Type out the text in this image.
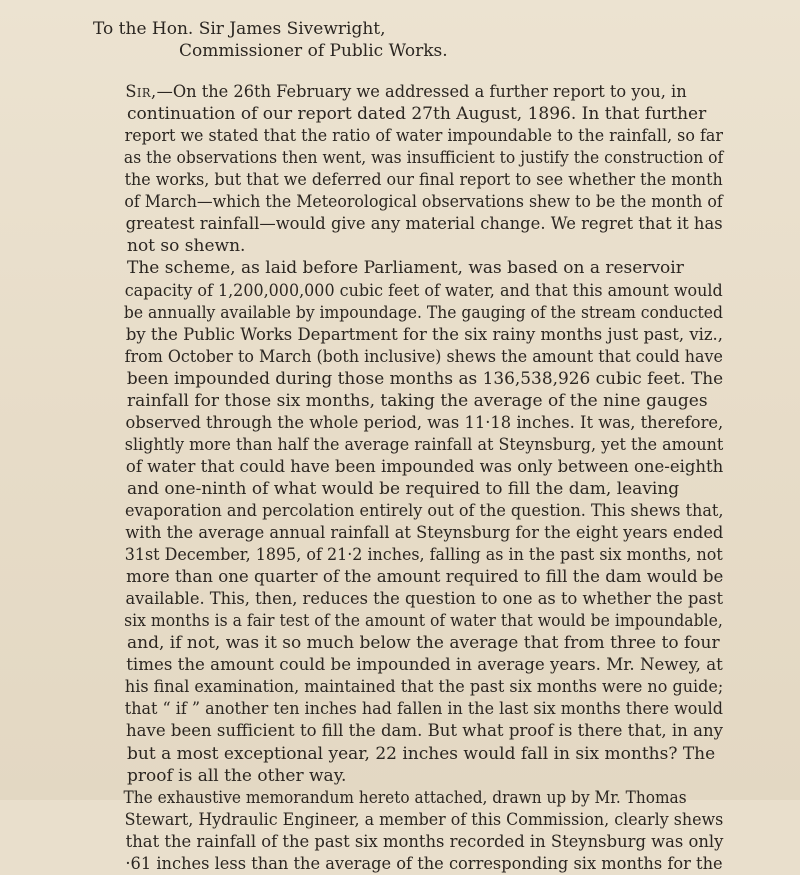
To the Hon. Sir James Sivewright,
Commissioner of Public Works.
Sir,—On the 26th February we addressed a further report to you, in
continuation of our report dated 27th August, 1896. In that further
report we stated that the ratio of water impoundable to the rainfall, so far
as the observations then went, was insufficient to justify the construction of
the works, but that we deferred our final report to see whether the month
of March—which the Meteorological observations shew to be the month of
greatest rainfall—would give any material change. We regret that it has
not so shewn.
The scheme, as laid before Parliament, was based on a reservoir
capacity of 1,200,000,000 cubic feet of water, and that this amount would
be annually available by impoundage. The gauging of the stream conducted
by the Public Works Department for the six rainy months just past, viz.,
from October to March (both inclusive) shews the amount that could have
been impounded during those months as 136,538,926 cubic feet. The
rainfall for those six months, taking the average of the nine gauges
observed through the whole period, was 11·18 inches. It was, therefore,
slightly more than half the average rainfall at Steynsburg, yet the amount
of water that could have been impounded was only between one-eighth
and one-ninth of what would be required to fill the dam, leaving
evaporation and percolation entirely out of the question. This shews that,
with the average annual rainfall at Steynsburg for the eight years ended
31st December, 1895, of 21·2 inches, falling as in the past six months, not
more than one quarter of the amount required to fill the dam would be
available. This, then, reduces the question to one as to whether the past
six months is a fair test of the amount of water that would be impoundable,
and, if not, was it so much below the average that from three to four
times the amount could be impounded in average years. Mr. Newey, at
his final examination, maintained that the past six months were no guide;
that “ if ” another ten inches had fallen in the last six months there would
have been sufficient to fill the dam. But what proof is there that, in any
but a most exceptional year, 22 inches would fall in six months? The
proof is all the other way.
The exhaustive memorandum hereto attached, drawn up by Mr. Thomas
Stewart, Hydraulic Engineer, a member of this Commission, clearly shews
that the rainfall of the past six months recorded in Steynsburg was only
·61 inches less than the average of the corresponding six months for the
